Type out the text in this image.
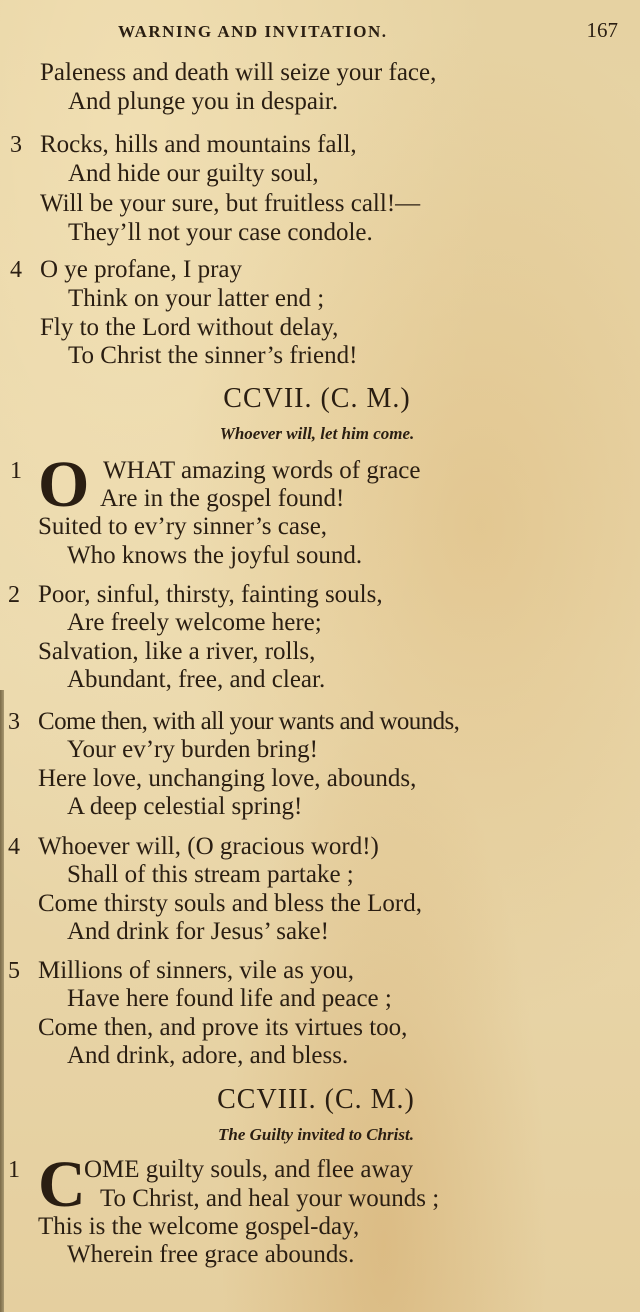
WARNING AND INVITATION.	167
Paleness and death will seize your face,
And plunge you in despair.
3 Rocks, hills and mountains fall,
And hide our guilty soul,
Will be your sure, but fruitless call!—
They’ll not your case condole.
4 O ye profane, I pray
Think on your latter end ;
Fly to the Lord without delay,
To Christ the sinner’s friend!
CCVII. (C. M.)
Whoever will, let him come.
1 O WHAT amazing words of grace
Are in the gospel found!
Suited to ev’ry sinner’s case,
Who knows the joyful sound.
2 Poor, sinful, thirsty, fainting souls,
Are freely welcome here;
Salvation, like a river, rolls,
Abundant, free, and clear.
3 Come then, with all your wants and wounds,
Your ev’ry burden bring!
Here love, unchanging love, abounds,
A deep celestial spring!
4 Whoever will, (O gracious word!)
Shall of this stream partake ;
Come thirsty souls and bless the Lord,
And drink for Jesus’ sake!
5 Millions of sinners, vile as you,
Have here found life and peace ;
Come then, and prove its virtues too,
And drink, adore, and bless.
CCVIII. (C. M.)
The Guilty invited to Christ.
1 C
OME guilty souls, and flee away
To Christ, and heal your wounds ;
This is the welcome gospel-day,
Wherein free grace abounds.
